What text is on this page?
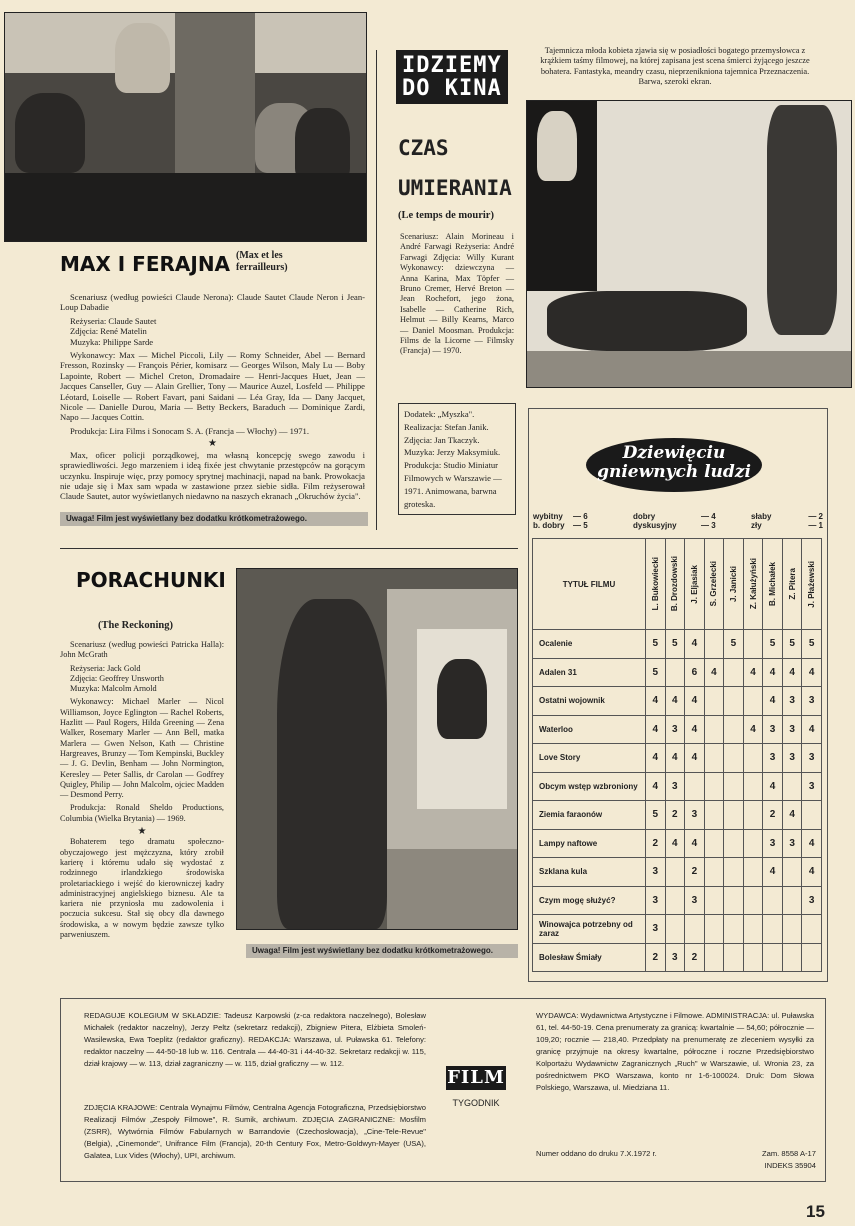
MAX I FERAJNA (Max et les ferrailleurs)

Scenariusz (według powieści Claude Nerona): Claude Sautet Claude Neron i Jean-Loup Dabadie

Reżyseria: Claude Sautet

Zdjęcia: René Matelin

Muzyka: Philippe Sarde

Wykonawcy: Max — Michel Piccoli, Lily — Romy Schneider, Abel — Bernard Fresson, Rozinsky — François Périer, komisarz — Georges Wilson, Maly Lu — Boby Lapointe, Robert — Michel Creton, Dromadaire — Henri-Jacques Huet, Jean — Jacques Canseller, Guy — Alain Grellier, Tony — Maurice Auzel, Losfeld — Philippe Léotard, Loiselle — Robert Favart, pani Saidani — Léa Gray, Ida — Dany Jacquet, Nicole — Danielle Durou, Maria — Betty Beckers, Baraduch — Dominique Zardi, Napo — Jacques Cottin.

Produkcja: Lira Films i Sonocam S. A. (Francja — Włochy) — 1971.

★

Max, oficer policji porządkowej, ma własną koncepcję swego zawodu i sprawiedliwości. Jego marzeniem i ideą fixée jest chwytanie przestępców na gorącym uczynku. Inspiruje więc, przy pomocy sprytnej machinacji, napad na bank. Prowokacja nie udaje się i Max sam wpada w zastawione przez siebie sidła. Film reżyserował Claude Sautet, autor wyświetlanych niedawno na naszych ekranach „Okruchów życia".

Uwaga! Film jest wyświetlany bez dodatku krótkometrażowego.
IDZIEMY
DO KINA
CZAS
UMIERANIA
(Le temps de mourir)
Scenariusz: Alain Morineau i André Farwagi Reżyseria: André Farwagi Zdjęcia: Willy Kurant Wykonawcy: dziewczyna — Anna Karina, Max Töpfer — Bruno Cremer, Hervé Breton — Jean Rochefort, jego żona, Isabelle — Catherine Rich, Helmut — Billy Kearns, Marco — Daniel Moosman. Produkcja: Films de la Licorne — Filmsky (Francja) — 1970.
Tajemnicza młoda kobieta zjawia się w posiadłości bogatego przemysłowca z krążkiem taśmy filmowej, na której zapisana jest scena śmierci żyjącego jeszcze bohatera. Fantastyka, meandry czasu, nieprzenikniona tajemnica Przeznaczenia. Barwa, szeroki ekran.
Dodatek: „Myszka". Realizacja: Stefan Janik. Zdjęcia: Jan Tkaczyk. Muzyka: Jerzy Maksymiuk. Produkcja: Studio Miniatur Filmowych w Warszawie — 1971. Animowana, barwna groteska.
Dziewięciu
gniewnych ludzi
wybitny	— 6	dobry	— 4	słaby	— 2
b. dobry	— 5	dyskusyjny	— 3	zły	— 1
TYTUŁ FILMU	L. Bukowiecki	B. Drozdowski	J. Eljasiak	S. Grzelecki	J. Janicki	Z. Kałużyński	B. Michałek	Z. Pitera	J. Płażewski

Ocalenie	5	5	4		5		5	5	5
Adalen 31	5		6	4		4	4	4	4
Ostatni wojownik	4	4	4				4	3	3
Waterloo	4	3	4			4	3	3	4
Love Story	4	4	4				3	3	3
Obcym wstęp wzbroniony	4	3					4		3
Ziemia faraonów	5	2	3				2	4	
Lampy naftowe	2	4	4				3	3	4
Szklana kula	3		2				4		4
Czym mogę służyć?	3		3						3
Winowajca potrzebny od zaraz	3								
Bolesław Śmiały	2	3	2						
PORACHUNKI
(The Reckoning)

Scenariusz (według powieści Patricka Halla): John McGrath

Reżyseria: Jack Gold

Zdjęcia: Geoffrey Unsworth

Muzyka: Malcolm Arnold

Wykonawcy: Michael Marler — Nicol Williamson, Joyce Eglington — Rachel Roberts, Hazlitt — Paul Rogers, Hilda Greening — Zena Walker, Rosemary Marler — Ann Bell, matka Marlera — Gwen Nelson, Kath — Christine Hargreaves, Brunzy — Tom Kempinski, Buckley — J. G. Devlin, Benham — John Normington, Keresley — Peter Sallis, dr Carolan — Godfrey Quigley, Philip — John Malcolm, ojciec Madden — Desmond Perry.

Produkcja: Ronald Sheldo Productions, Columbia (Wielka Brytania) — 1969.

★

Bohaterem tego dramatu społeczno-obyczajowego jest mężczyzna, który zrobił karierę i któremu udało się wydostać z rodzinnego irlandzkiego środowiska proletariackiego i wejść do kierowniczej kadry administracyjnej angielskiego biznesu. Ale ta kariera nie przyniosła mu zadowolenia i poczucia sukcesu. Stał się obcy dla dawnego środowiska, a w nowym będzie zawsze tylko parweniuszem.

Uwaga! Film jest wyświetlany bez dodatku krótkometrażowego.
REDAGUJE KOLEGIUM W SKŁADZIE: Tadeusz Karpowski (z-ca redaktora naczelnego), Bolesław Michałek (redaktor naczelny), Jerzy Peltz (sekretarz redakcji), Zbigniew Pitera, Elżbieta Smoleń-Wasilewska, Ewa Toeplitz (redaktor graficzny). REDAKCJA: Warszawa, ul. Puławska 61. Telefony: redaktor naczelny — 44-50-18 lub w. 116. Centrala — 44-40-31 i 44-40-32. Sekretarz redakcji w. 115, dział krajowy — w. 113, dział zagraniczny — w. 115, dział graficzny — w. 112.
ZDJĘCIA KRAJOWE: Centrala Wynajmu Filmów, Centralna Agencja Fotograficzna, Przedsiębiorstwo Realizacji Filmów „Zespoły Filmowe", R. Sumik, archiwum. ZDJĘCIA ZAGRANICZNE: Mosfilm (ZSRR), Wytwórnia Filmów Fabularnych w Barrandovie (Czechosłowacja), „Cine-Tele-Revue" (Belgia), „Cinemonde", Unifrance Film (Francja), 20-th Century Fox, Metro-Goldwyn-Mayer (USA), Galatea, Lux Vides (Włochy), UPI, archiwum.
FILM
TYGODNIK
WYDAWCA: Wydawnictwa Artystyczne i Filmowe. ADMINISTRACJA: ul. Puławska 61, tel. 44-50-19. Cena prenumeraty za granicą: kwartalnie — 54,60; półrocznie — 109,20; rocznie — 218,40. Przedpłaty na prenumeratę ze zleceniem wysyłki za granicę przyjmuje na okresy kwartalne, półroczne i roczne Przedsiębiorstwo Kolportażu Wydawnictw Zagranicznych „Ruch" w Warszawie, ul. Wronia 23, za pośrednictwem PKO Warszawa, konto nr 1-6-100024. Druk: Dom Słowa Polskiego, Warszawa, ul. Miedziana 11.
Numer oddano do druku 7.X.1972 r.	Zam. 8558 A-17
INDEKS 35904
15
